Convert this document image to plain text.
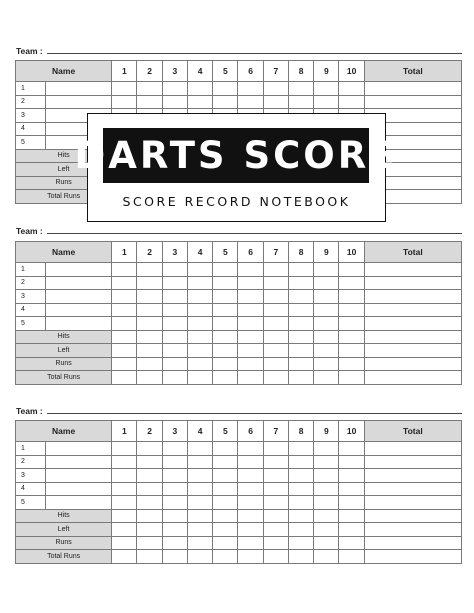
Team :
Name		1	2	3	4	5	6	7	8	9	10	Total
1												
2												
3												
4												
5												
Hits												
Left												
Runs												
Total Runs												
Team :
Name		1	2	3	4	5	6	7	8	9	10	Total
1												
2												
3												
4												
5												
Hits												
Left												
Runs												
Total Runs												
Team :
Name		1	2	3	4	5	6	7	8	9	10	Total
1												
2												
3												
4												
5												
Hits												
Left												
Runs												
Total Runs												
DARTS SCORE
SCORE RECORD NOTEBOOK
